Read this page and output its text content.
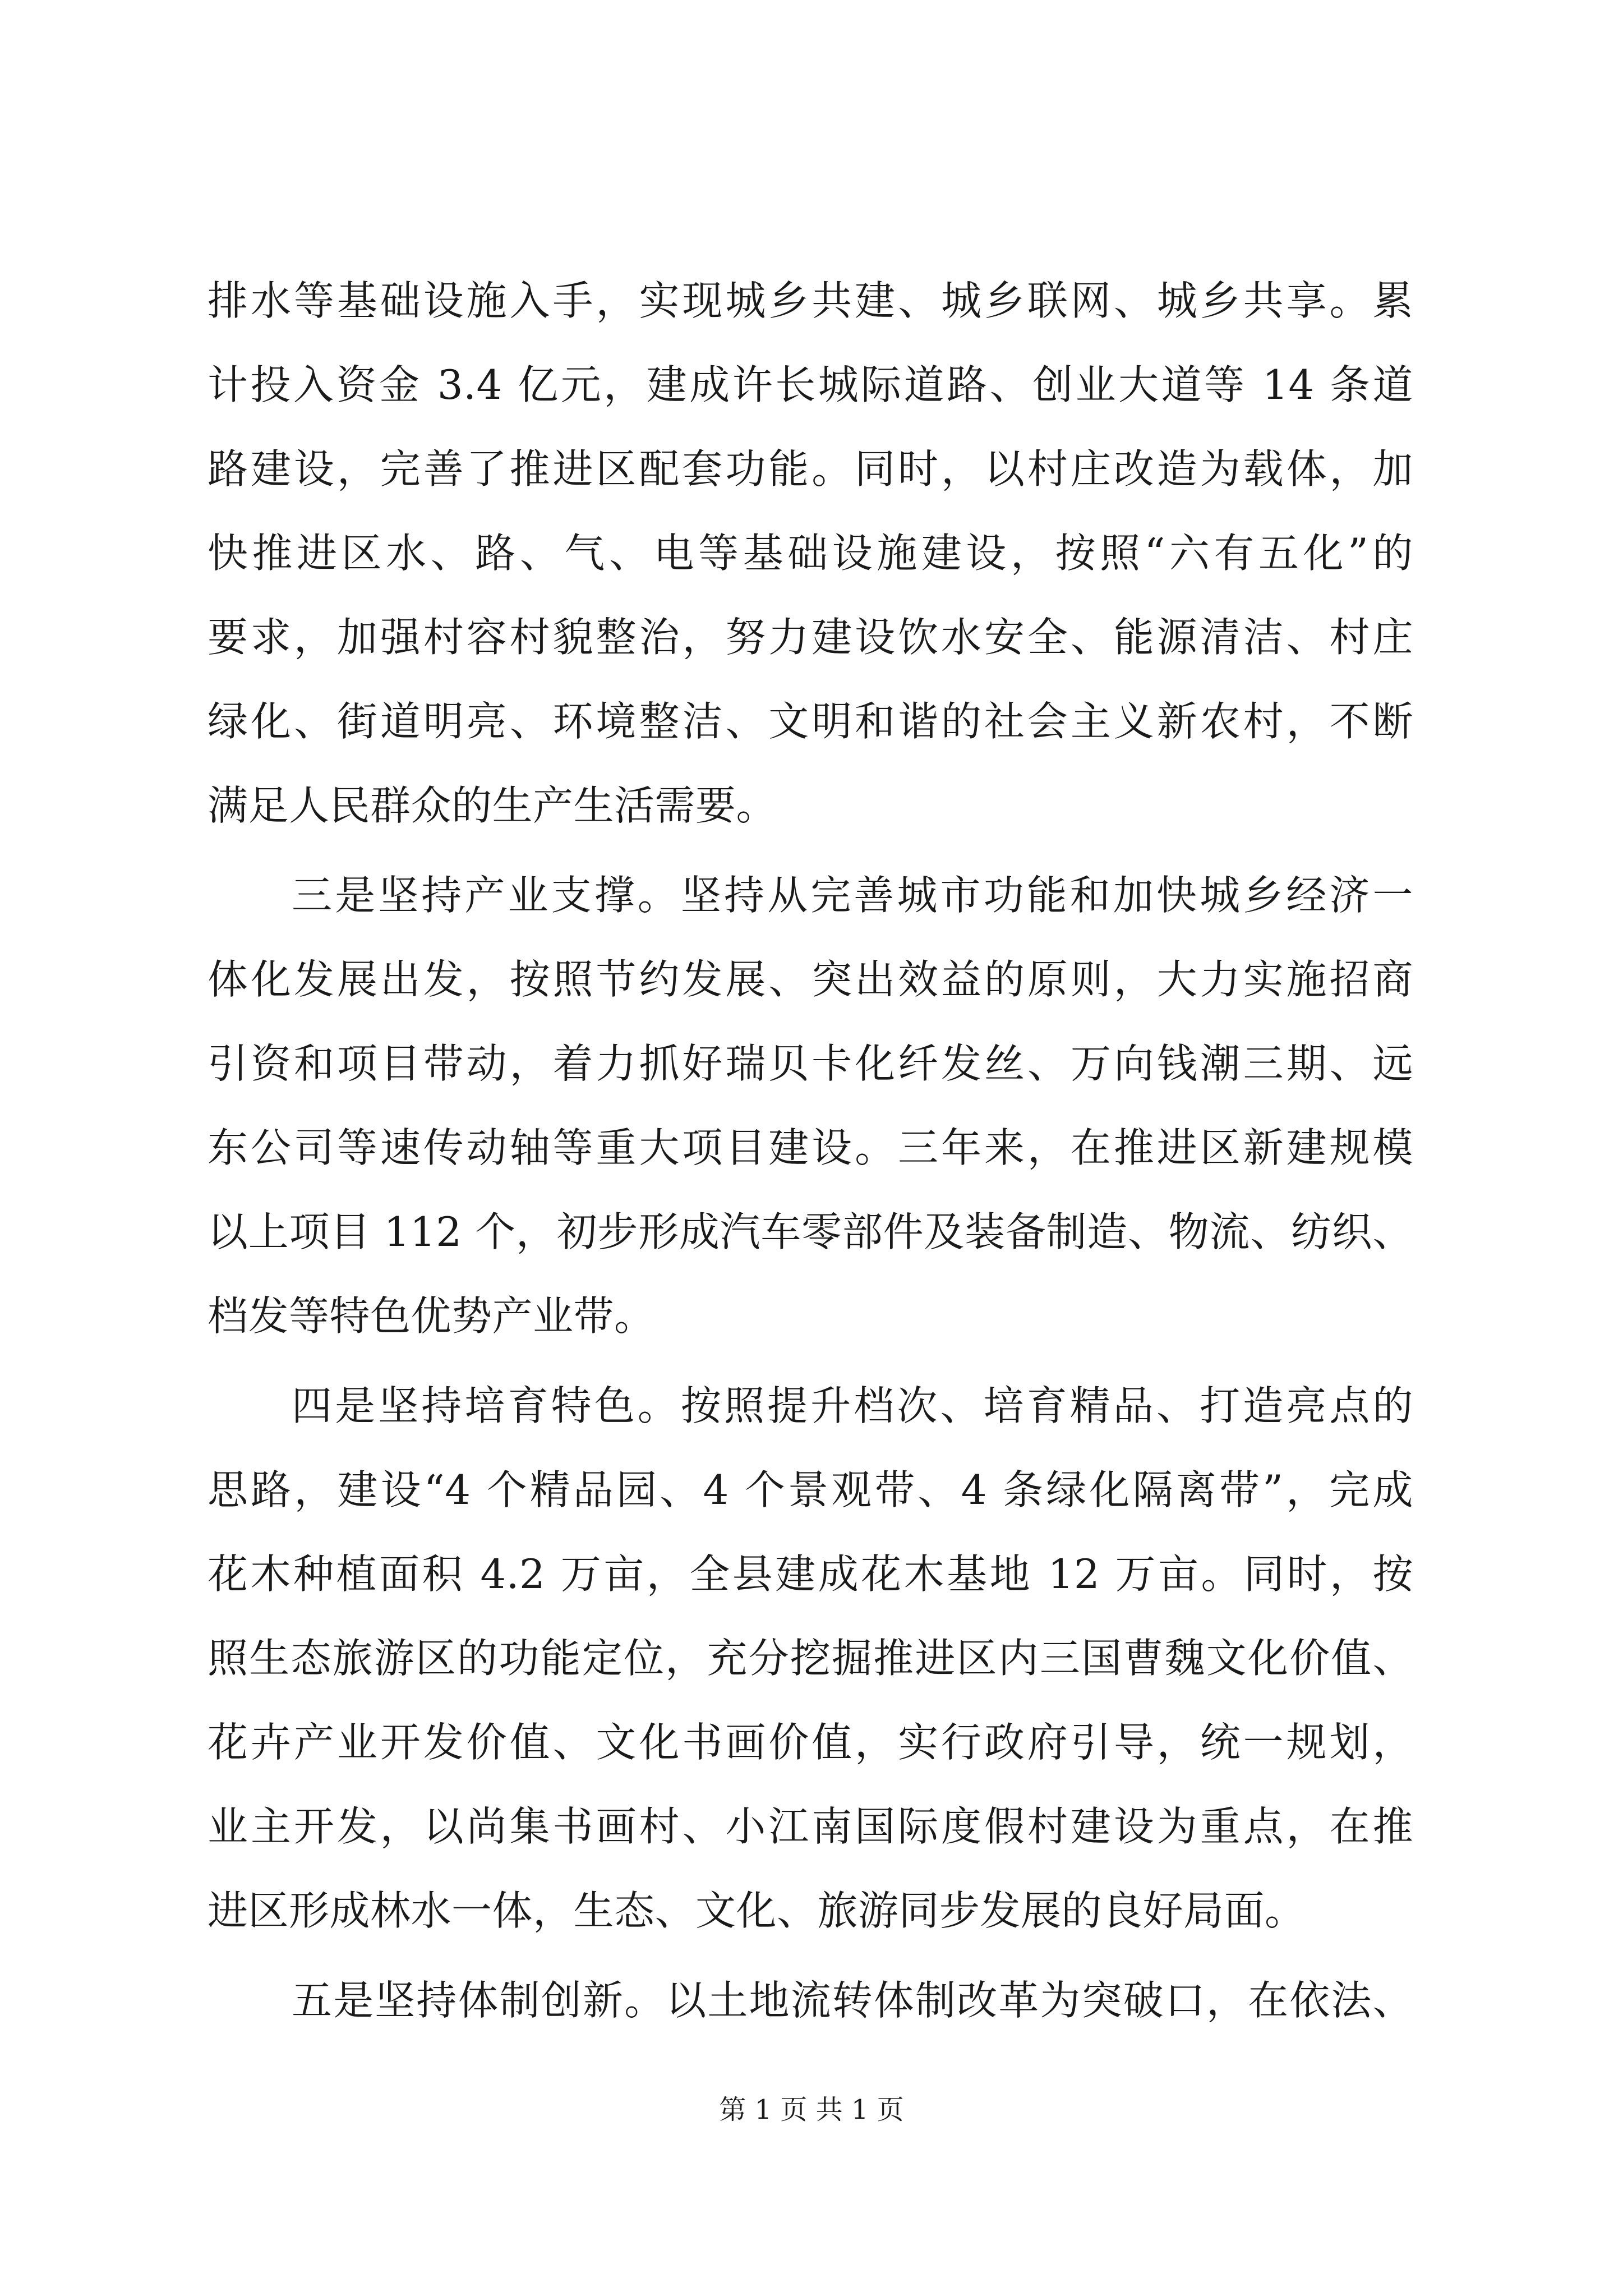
排水等基础设施入手，实现城乡共建、城乡联网、城乡共享。累
计投入资金 3.4 亿元，建成许长城际道路、创业大道等 14 条道
路建设，完善了推进区配套功能。同时，以村庄改造为载体，加
快推进区水、路、气、电等基础设施建设，按照“六有五化”的
要求，加强村容村貌整治，努力建设饮水安全、能源清洁、村庄
绿化、街道明亮、环境整洁、文明和谐的社会主义新农村，不断
满足人民群众的生产生活需要。
三是坚持产业支撑。坚持从完善城市功能和加快城乡经济一
体化发展出发，按照节约发展、突出效益的原则，大力实施招商
引资和项目带动，着力抓好瑞贝卡化纤发丝、万向钱潮三期、远
东公司等速传动轴等重大项目建设。三年来，在推进区新建规模
以上项目 112 个，初步形成汽车零部件及装备制造、物流、纺织、
档发等特色优势产业带。
四是坚持培育特色。按照提升档次、培育精品、打造亮点的
思路，建设“4 个精品园、4 个景观带、4 条绿化隔离带”，完成
花木种植面积 4.2 万亩，全县建成花木基地 12 万亩。同时，按
照生态旅游区的功能定位，充分挖掘推进区内三国曹魏文化价值、
花卉产业开发价值、文化书画价值，实行政府引导，统一规划，
业主开发，以尚集书画村、小江南国际度假村建设为重点，在推
进区形成林水一体，生态、文化、旅游同步发展的良好局面。
五是坚持体制创新。以土地流转体制改革为突破口，在依法、
第 1 页 共 1 页
